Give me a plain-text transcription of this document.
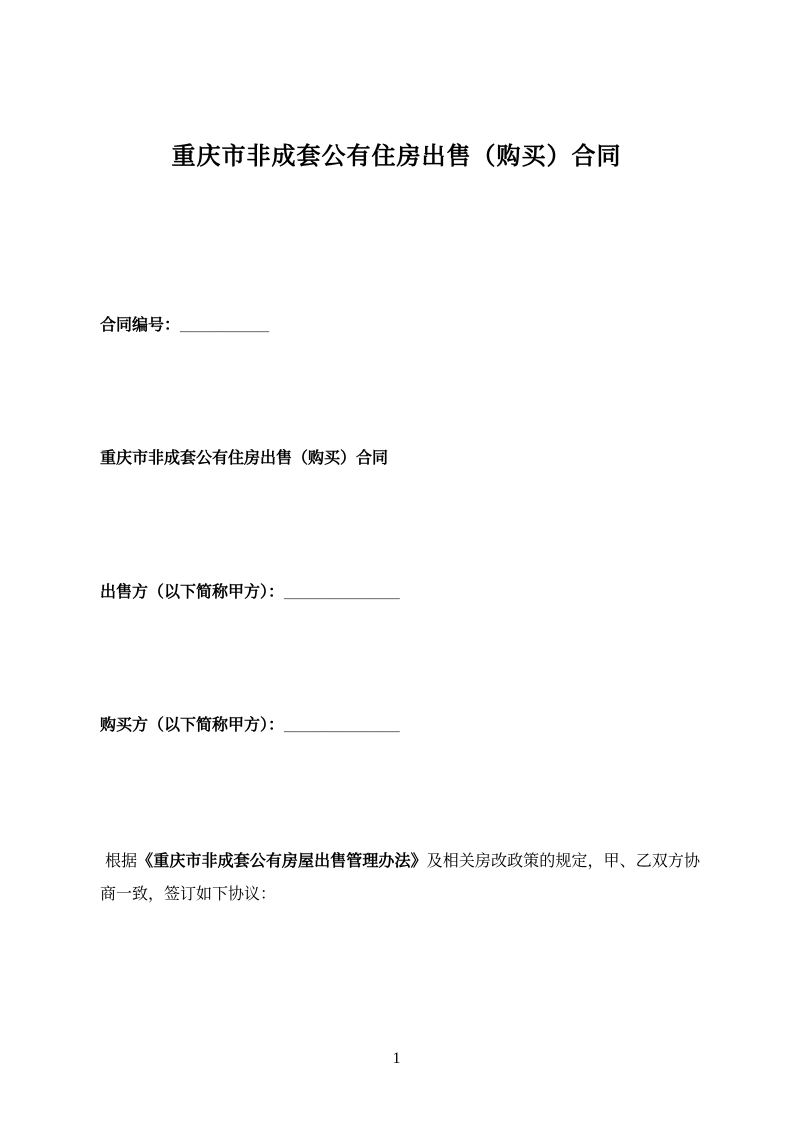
重庆市非成套公有住房出售（购买）合同
合同编号：__________
重庆市非成套公有住房出售（购买）合同
出售方（以下简称甲方）：_____________
购买方（以下简称甲方）：_____________
根据《重庆市非成套公有房屋出售管理办法》及相关房改政策的规定，甲、乙双方协商一致，签订如下协议：
1
